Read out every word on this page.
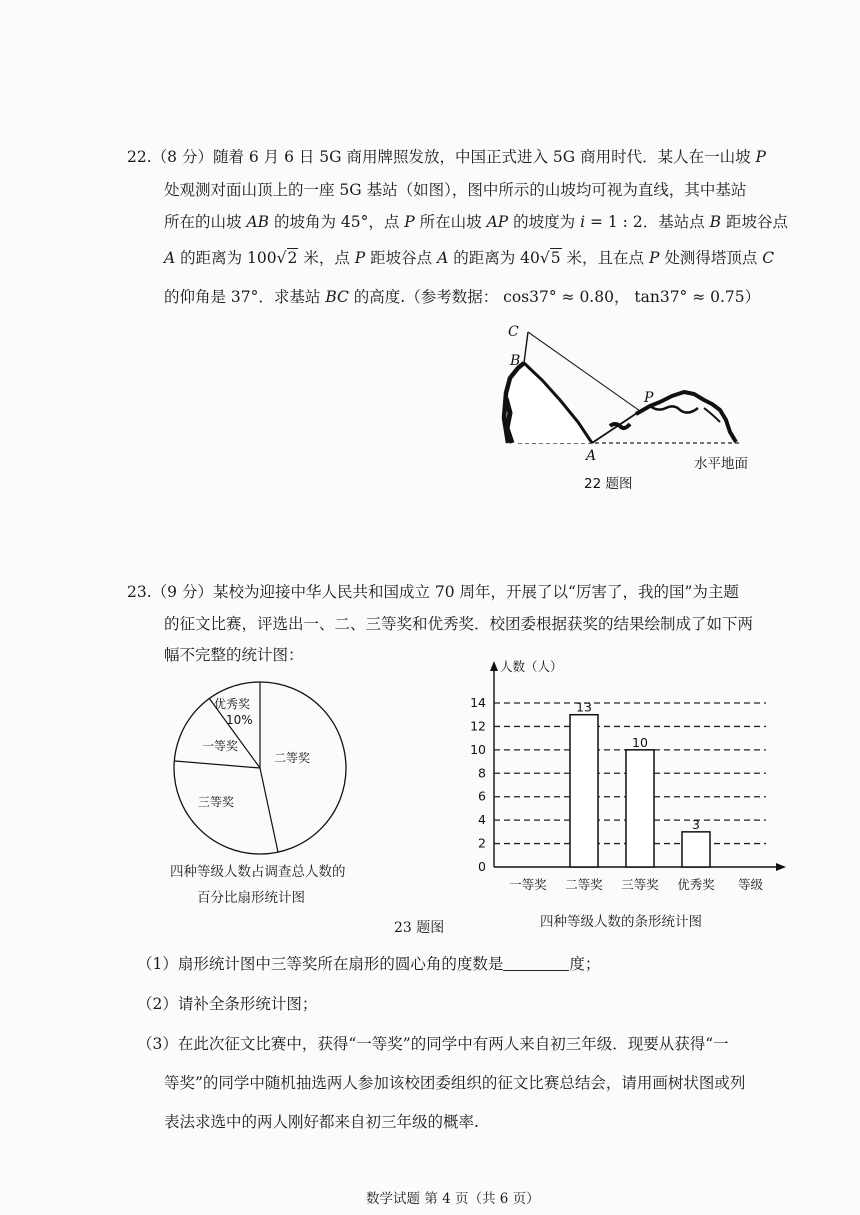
22.（8 分）随着 6 月 6 日 5G 商用牌照发放，中国正式进入 5G 商用时代．某人在一山坡 P
处观测对面山顶上的一座 5G 基站（如图），图中所示的山坡均可视为直线，其中基站
所在的山坡 AB 的坡角为 45°，点 P 所在山坡 AP 的坡度为 i = 1 : 2．基站点 B 距坡谷点
A 的距离为 100√2 米，点 P 距坡谷点 A 的距离为 40√5 米，且在点 P 处测得塔顶点 C
的仰角是 37°．求基站 BC 的高度.（参考数据： cos37° ≈ 0.80， tan37° ≈ 0.75）
C
B
P
A	水平地面
22 题图
23.（9 分）某校为迎接中华人民共和国成立 70 周年，开展了以“厉害了，我的国”为主题
的征文比赛，评选出一、二、三等奖和优秀奖．校团委根据获奖的结果绘制成了如下两
幅不完整的统计图：
优秀奖
10%
一等奖
二等奖
三等奖
四种等级人数占调查总人数的
百分比扇形统计图
人数（人）
等级
0
2
4
6
8
10
12
14	13
10
3
一等奖 二等奖 三等奖 优秀奖
23 题图	四种等级人数的条形统计图
（1）扇形统计图中三等奖所在扇形的圆心角的度数是	度；
（2）请补全条形统计图；
（3）在此次征文比赛中，获得“一等奖”的同学中有两人来自初三年级．现要从获得“一
等奖”的同学中随机抽选两人参加该校团委组织的征文比赛总结会，请用画树状图或列
表法求选中的两人刚好都来自初三年级的概率.
数学试题 第 4 页（共 6 页）
